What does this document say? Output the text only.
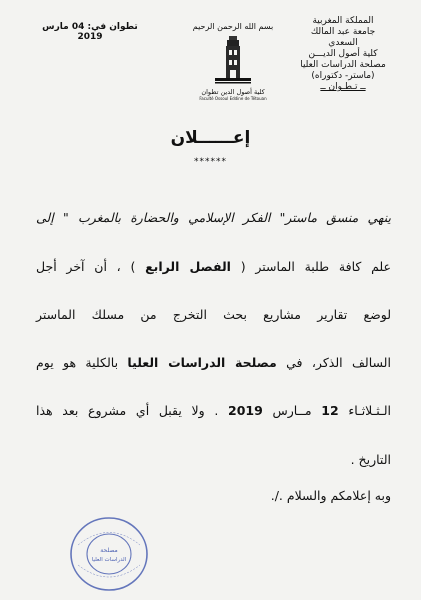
المملكة المغربية
جامعة عبد المالك السعدي
كلية أصول الديـــن
مصلحة الدراسات العليا
(ماستر- دكتوراه)
ــ تـطـوان ــ
بسم الله الرحمن الرحيم
كلية أصول الدين تطوان
Faculté Ossoul Eddine de Tétouan
تطوان في: 04 مارس 2019
إعــــــلان
******
ينهي منسق ماستر" الفكر الإسلامي والحضارة بالمغرب " إلى
علم كافة طلبة الماستر ( الفصل الرابع ) ، أن آخر أجل
لوضع تقارير مشاريع بحث التخرج من مسلك الماستر
السالف الذكر، في مصلحة الدراسات العليا بالكلية هو يوم
الـثـلاثـاء 12 مــارس 2019 . ولا يقبل أي مشروع بعد هذا
التاريخ .
وبه إعلامكم والسلام ./.
مصلحة
الدراسات العليا
